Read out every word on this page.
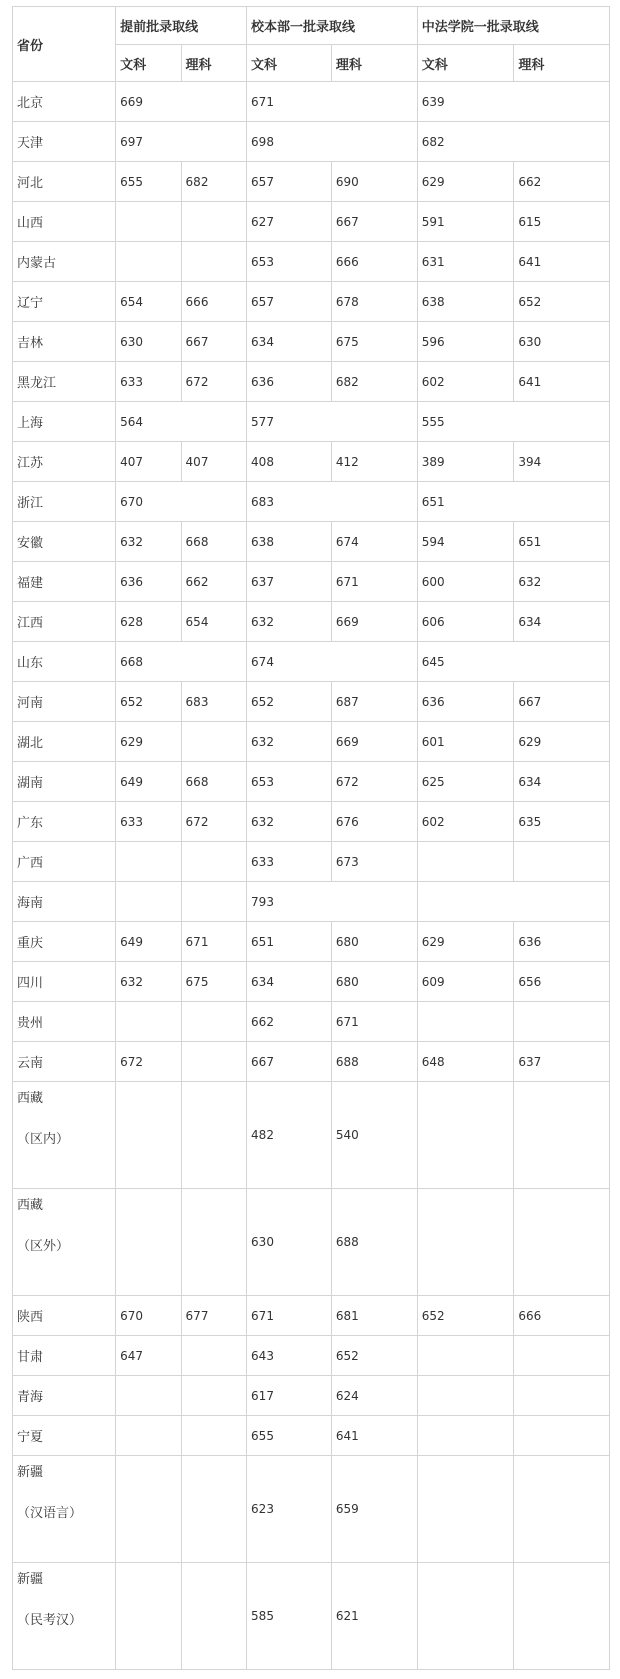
省份	提前批录取线		校本部一批录取线		中法学院一批录取线	
	文科	理科	文科	理科	文科	理科

北京	669		671		639	

天津	697		698		682	

河北	655	682	657	690	629	662

山西			627	667	591	615

内蒙古			653	666	631	641

辽宁	654	666	657	678	638	652

吉林	630	667	634	675	596	630

黑龙江	633	672	636	682	602	641

上海	564		577		555	

江苏	407	407	408	412	389	394

浙江	670		683		651	

安徽	632	668	638	674	594	651

福建	636	662	637	671	600	632

江西	628	654	632	669	606	634

山东	668		674		645	

河南	652	683	652	687	636	667

湖北	629		632	669	601	629

湖南	649	668	653	672	625	634

广东	633	672	632	676	602	635

广西			633	673		

海南			793			

重庆	649	671	651	680	629	636

四川	632	675	634	680	609	656

贵州			662	671		

云南	672		667	688	648	637

西藏
（区内）			482	540		

西藏
（区外）			630	688		

陕西	670	677	671	681	652	666

甘肃	647		643	652		

青海			617	624		

宁夏			655	641		

新疆
（汉语言）			623	659		

新疆
（民考汉）			585	621		
